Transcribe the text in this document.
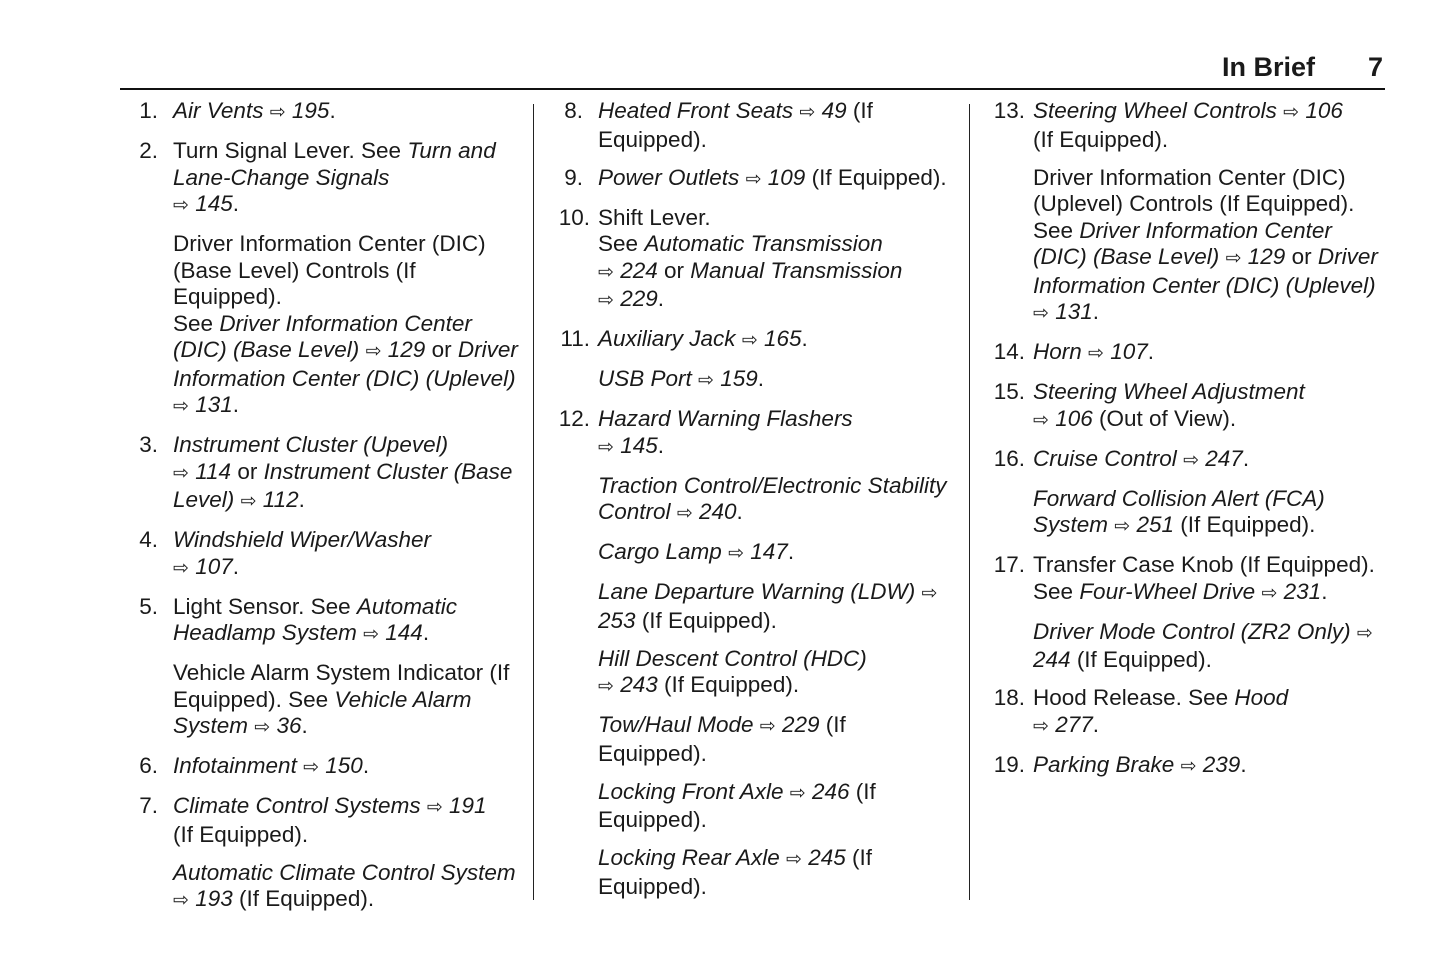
In Brief 7
1. Air Vents ⇨ 195.
2. Turn Signal Lever. See Turn and Lane-Change Signals
⇨ 145.
Driver Information Center (DIC) (Base Level) Controls (If Equipped).
See Driver Information Center (DIC) (Base Level) ⇨ 129 or Driver Information Center (DIC) (Uplevel) ⇨ 131.
3. Instrument Cluster (Upevel)
⇨ 114 or Instrument Cluster (Base Level) ⇨ 112.
4. Windshield Wiper/Washer
⇨ 107.
5. Light Sensor. See Automatic Headlamp System ⇨ 144.
Vehicle Alarm System Indicator (If Equipped). See Vehicle Alarm System ⇨ 36.
6. Infotainment ⇨ 150.
7. Climate Control Systems ⇨ 191
(If Equipped).
Automatic Climate Control System ⇨ 193 (If Equipped).
8. Heated Front Seats ⇨ 49 (If Equipped).
9. Power Outlets ⇨ 109 (If Equipped).
10. Shift Lever.
See Automatic Transmission
⇨ 224 or Manual Transmission
⇨ 229.
11. Auxiliary Jack ⇨ 165.
USB Port ⇨ 159.
12. Hazard Warning Flashers
⇨ 145.
Traction Control/Electronic Stability Control ⇨ 240.
Cargo Lamp ⇨ 147.
Lane Departure Warning (LDW) ⇨ 253 (If Equipped).
Hill Descent Control (HDC)
⇨ 243 (If Equipped).
Tow/Haul Mode ⇨ 229 (If Equipped).
Locking Front Axle ⇨ 246 (If Equipped).
Locking Rear Axle ⇨ 245 (If Equipped).
13. Steering Wheel Controls ⇨ 106
(If Equipped).
Driver Information Center (DIC) (Uplevel) Controls (If Equipped).
See Driver Information Center (DIC) (Base Level) ⇨ 129 or Driver Information Center (DIC) (Uplevel) ⇨ 131.
14. Horn ⇨ 107.
15. Steering Wheel Adjustment
⇨ 106 (Out of View).
16. Cruise Control ⇨ 247.
Forward Collision Alert (FCA) System ⇨ 251 (If Equipped).
17. Transfer Case Knob (If Equipped). See Four-Wheel Drive ⇨ 231.
Driver Mode Control (ZR2 Only) ⇨ 244 (If Equipped).
18. Hood Release. See Hood
⇨ 277.
19. Parking Brake ⇨ 239.
